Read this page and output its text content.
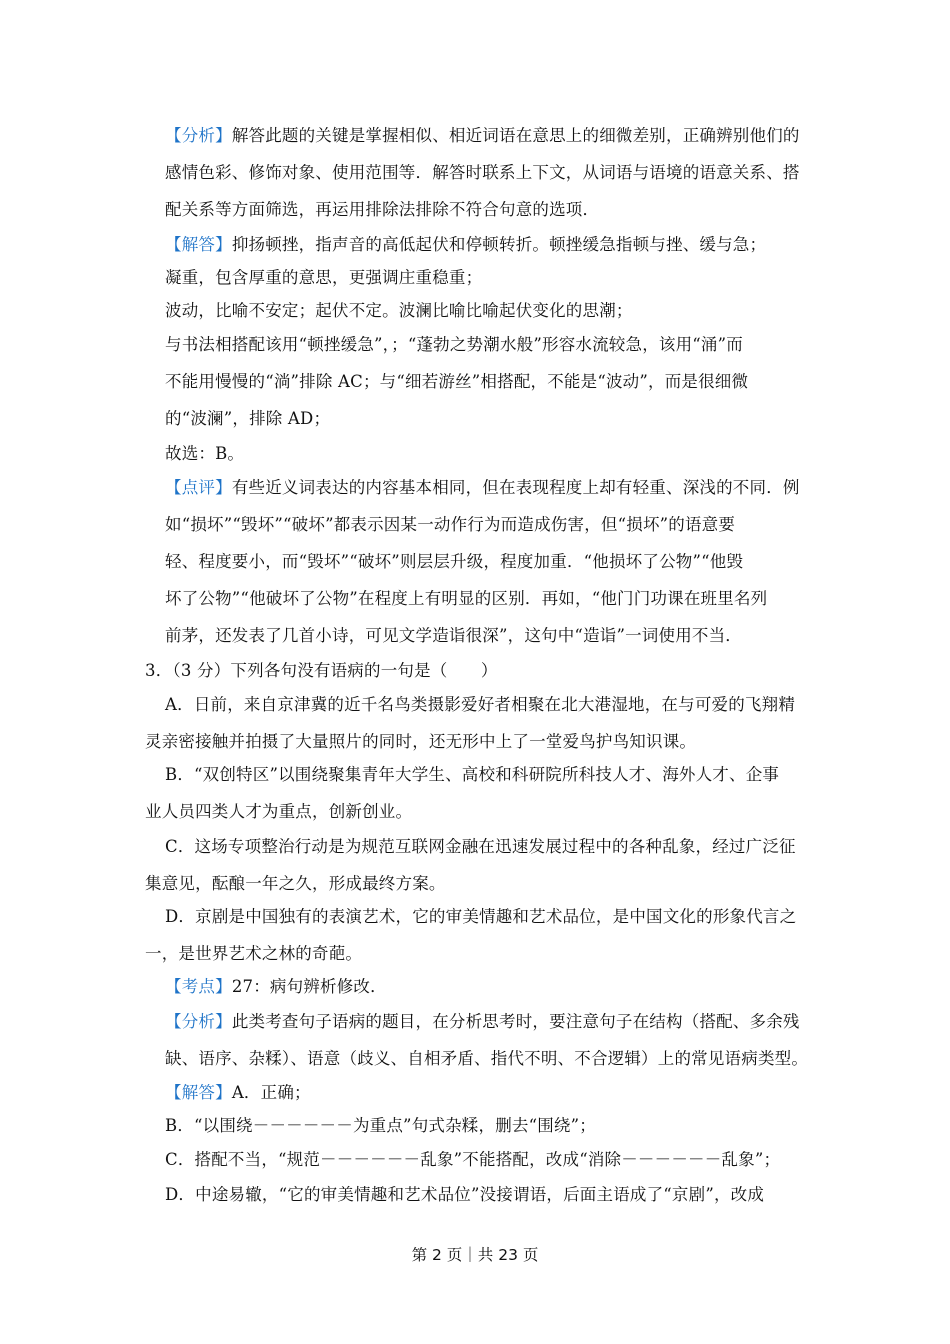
【分析】解答此题的关键是掌握相似、相近词语在意思上的细微差别，正确辨别他们的
感情色彩、修饰对象、使用范围等．解答时联系上下文，从词语与语境的语意关系、搭
配关系等方面筛选，再运用排除法排除不符合句意的选项．
【解答】抑扬顿挫，指声音的高低起伏和停顿转折。顿挫缓急指顿与挫、缓与急；
凝重，包含厚重的意思，更强调庄重稳重；
波动，比喻不安定；起伏不定。波澜比喻比喻起伏变化的思潮；
与书法相搭配该用“顿挫缓急”，；“蓬勃之势潮水般”形容水流较急，该用“涌”而
不能用慢慢的“淌”排除 AC；与“细若游丝”相搭配，不能是“波动”，而是很细微
的“波澜”，排除 AD；
故选：B。
【点评】有些近义词表达的内容基本相同，但在表现程度上却有轻重、深浅的不同．例
如“损坏”“毁坏”“破坏”都表示因某一动作行为而造成伤害，但“损坏”的语意要
轻、程度要小，而“毁坏”“破坏”则层层升级，程度加重．“他损坏了公物”“他毁
坏了公物”“他破坏了公物”在程度上有明显的区别．再如，“他门门功课在班里名列
前茅，还发表了几首小诗，可见文学造诣很深”，这句中“造诣”一词使用不当．
3．（3 分）下列各句没有语病的一句是（　　）
A．日前，来自京津冀的近千名鸟类摄影爱好者相聚在北大港湿地，在与可爱的飞翔精
灵亲密接触并拍摄了大量照片的同时，还无形中上了一堂爱鸟护鸟知识课。
B．“双创特区”以围绕聚集青年大学生、高校和科研院所科技人才、海外人才、企事
业人员四类人才为重点，创新创业。
C．这场专项整治行动是为规范互联网金融在迅速发展过程中的各种乱象，经过广泛征
集意见，酝酿一年之久，形成最终方案。
D．京剧是中国独有的表演艺术，它的审美情趣和艺术品位，是中国文化的形象代言之
一，是世界艺术之林的奇葩。
【考点】27：病句辨析修改．
【分析】此类考查句子语病的题目，在分析思考时，要注意句子在结构（搭配、多余残
缺、语序、杂糅）、语意（歧义、自相矛盾、指代不明、不合逻辑）上的常见语病类型。
【解答】A．正确；
B．“以围绕－－－－－－为重点”句式杂糅，删去“围绕”；
C．搭配不当，“规范－－－－－－乱象”不能搭配，改成“消除－－－－－－乱象”；
D．中途易辙，“它的审美情趣和艺术品位”没接谓语，后面主语成了“京剧”，改成
第 2 页｜共 23 页
